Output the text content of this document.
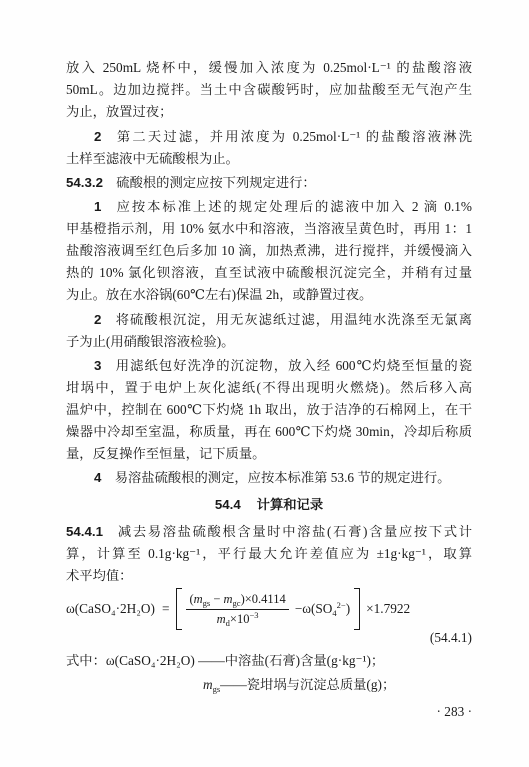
放入 250mL 烧杯中，缓慢加入浓度为 0.25mol·L⁻¹ 的盐酸溶液
50mL。边加边搅拌。当土中含碳酸钙时，应加盐酸至无气泡产生
为止，放置过夜；
2 第二天过滤，并用浓度为 0.25mol·L⁻¹ 的盐酸溶液淋洗
土样至滤液中无硫酸根为止。
54.3.2 硫酸根的测定应按下列规定进行：
1 应按本标准上述的规定处理后的滤液中加入 2 滴 0.1%
甲基橙指示剂，用 10% 氨水中和溶液，当溶液呈黄色时，再用 1：1
盐酸溶液调至红色后多加 10 滴，加热煮沸，进行搅拌，并缓慢滴入
热的 10% 氯化钡溶液，直至试液中硫酸根沉淀完全，并稍有过量
为止。放在水浴锅(60℃左右)保温 2h，或静置过夜。
2 将硫酸根沉淀，用无灰滤纸过滤，用温纯水洗涤至无氯离
子为止(用硝酸银溶液检验)。
3 用滤纸包好洗净的沉淀物，放入经 600℃灼烧至恒量的瓷
坩埚中，置于电炉上灰化滤纸(不得出现明火燃烧)。然后移入高
温炉中，控制在 600℃下灼烧 1h 取出，放于洁净的石棉网上，在干
燥器中冷却至室温，称质量，再在 600℃下灼烧 30min，冷却后称质
量，反复操作至恒量，记下质量。
4 易溶盐硫酸根的测定，应按本标准第 53.6 节的规定进行。
54.4 计算和记录
54.4.1 减去易溶盐硫酸根含量时中溶盐(石膏)含量应按下式计
算，计算至 0.1g·kg⁻¹，平行最大允许差值应为 ±1g·kg⁻¹，取算
术平均值：
ω(CaSO₄·2H₂O) = $\frac{(m_{gs} - m_{gc})\times 0.4114}{m_d\times 10^{-3}} -\omega(SO_4^{2-}) \times 1.7922$
(54.4.1)
式中：ω(CaSO₄·2H₂O) ——中溶盐(石膏)含量(g·kg⁻¹)；
$m_{gs}——$瓷坩埚与沉淀总质量(g)；
· 283 ·
